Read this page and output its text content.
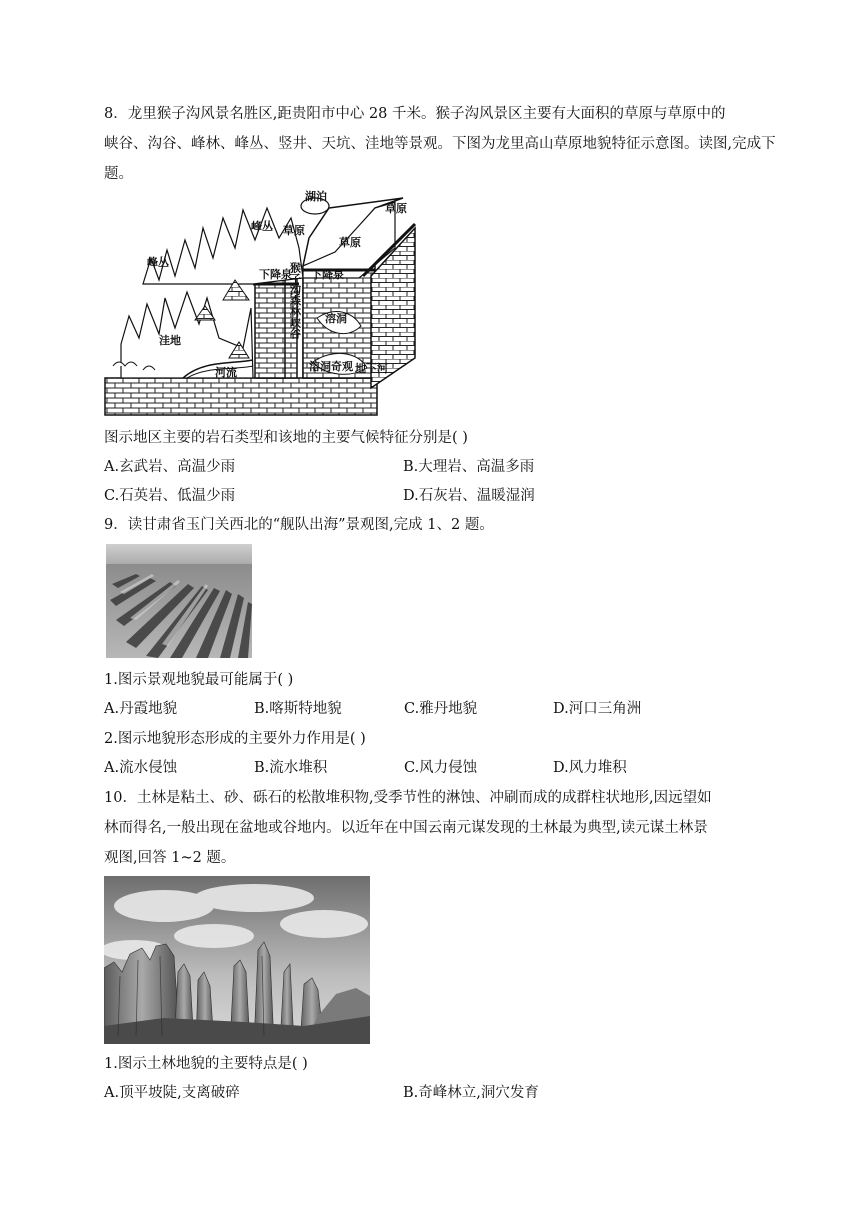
8．龙里猴子沟风景名胜区,距贵阳市中心 28 千米。猴子沟风景区主要有大面积的草原与草原中的
峡谷、沟谷、峰林、峰丛、竖井、天坑、洼地等景观。下图为龙里高山草原地貌特征示意图。读图,完成下
题。
湖泊
草原
草原
草原
峰丛
峰丛
下降泉 下降泉
猴子沟森林峡谷 溶洞
洼地
河流	溶洞奇观 地下河
图示地区主要的岩石类型和该地的主要气候特征分别是( )
A.玄武岩、高温少雨	B.大理岩、高温多雨
C.石英岩、低温少雨	D.石灰岩、温暖湿润
9．读甘肃省玉门关西北的“舰队出海”景观图,完成 1、2 题。
1.图示景观地貌最可能属于( )
A.丹霞地貌	B.喀斯特地貌	C.雅丹地貌	D.河口三角洲
2.图示地貌形态形成的主要外力作用是( )
A.流水侵蚀	B.流水堆积	C.风力侵蚀	D.风力堆积
10．土林是粘土、砂、砾石的松散堆积物,受季节性的淋蚀、冲刷而成的成群柱状地形,因远望如
林而得名,一般出现在盆地或谷地内。以近年在中国云南元谋发现的土林最为典型,读元谋土林景
观图,回答 1~2 题。
1.图示土林地貌的主要特点是( )
A.顶平坡陡,支离破碎	B.奇峰林立,洞穴发育
